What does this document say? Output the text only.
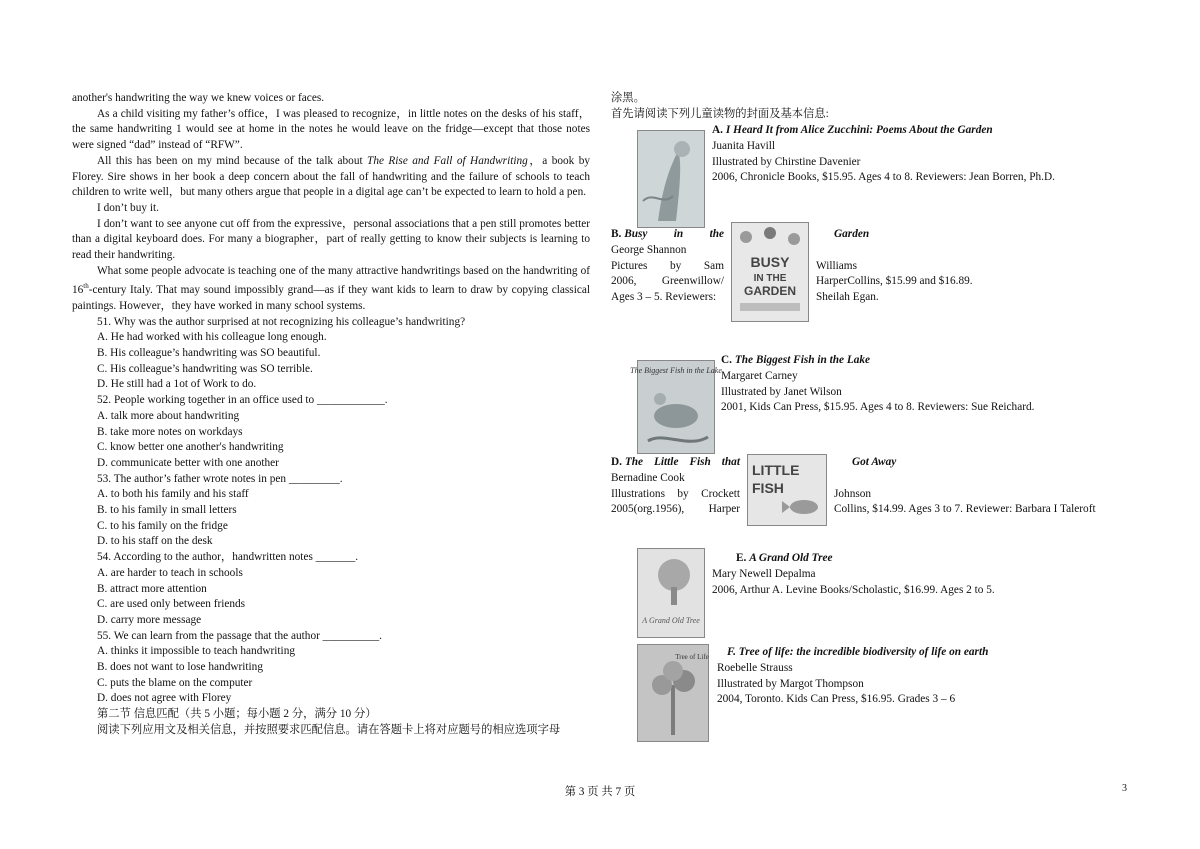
another's handwriting the way we knew voices or faces.

As a child visiting my father’s office，I was pleased to recognize，in little notes on the desks of his staff，the same handwriting 1 would see at home in the notes he would leave on the fridge—except that those notes were signed “dad” instead of “RFW”.

All this has been on my mind because of the talk about The Rise and Fall of Handwriting，a book by Florey. Sire shows in her book a deep concern about the fall of handwriting and the failure of schools to teach children to write well，but many others argue that people in a digital age can’t be expected to learn to hold a pen.

I don’t buy it.

I don’t want to see anyone cut off from the expressive，personal associations that a pen still promotes better than a digital keyboard does. For many a biographer，part of really getting to know their subjects is learning to read their handwriting.

What some people advocate is teaching one of the many attractive handwritings based on the handwriting of 16th-century Italy. That may sound impossibly grand—as if they want kids to learn to draw by copying classical paintings. However，they have worked in many school systems.

51. Why was the author surprised at not recognizing his colleague’s handwriting?

A. He had worked with his colleague long enough.

B. His colleague’s handwriting was SO beautiful.

C. His colleague’s handwriting was SO terrible.

D. He still had a 1ot of Work to do.

52. People working together in an office used to ____________.

A. talk more about handwriting

B. take more notes on workdays

C. know better one another's handwriting

D. communicate better with one another

53. The author’s father wrote notes in pen _________.

A. to both his family and his staff

B. to his family in small letters

C. to his family on the fridge

D. to his staff on the desk

54. According to the author，handwritten notes _______.

A. are harder to teach in schools

B. attract more attention

C. are used only between friends

D. carry more message

55. We can learn from the passage that the author __________.

A. thinks it impossible to teach handwriting

B. does not want to lose handwriting

C. puts the blame on the computer

D. does not agree with Florey

第二节 信息匹配（共 5 小题；每小题 2 分，满分 10 分）

阅读下列应用文及相关信息，并按照要求匹配信息。请在答题卡上将对应题号的相应选项字母

涂黑。

首先请阅读下列儿童读物的封面及基本信息:

A. I Heard It from Alice Zucchini: Poems About the Garden
Juanita Havill
Illustrated by Chirstine Davenier
2006, Chronicle Books, $15.95. Ages 4 to 8. Reviewers: Jean Borren, Ph.D.
BUSY
IN THE
GARDEN
B. Busy in the
George Shannon
Pictures by Sam
2006, Greenwillow/
Ages 3 – 5. Reviewers:
Garden

Williams
HarperCollins, $15.99 and $16.89.
Sheilah Egan.
The Biggest Fish in the Lake
C. The Biggest Fish in the Lake
Margaret Carney
Illustrated by Janet Wilson
2001, Kids Can Press, $15.95. Ages 4 to 8. Reviewers: Sue Reichard.
LITTLE
FISH
D. The Little Fish that
Bernadine Cook
Illustrations by Crockett
2005(org.1956), Harper
Got Away

Johnson
Collins, $14.99. Ages 3 to 7. Reviewer: Barbara I Taleroft
A Grand Old Tree
E. A Grand Old Tree
Mary Newell Depalma
2006, Arthur A. Levine Books/Scholastic, $16.99. Ages 2 to 5.
Tree of Life	F. Tree of life: the incredible biodiversity of life on earth
Roebelle Strauss
Illustrated by Margot Thompson
2004, Toronto. Kids Can Press, $16.95. Grades 3 – 6
第 3 页 共 7 页	3
